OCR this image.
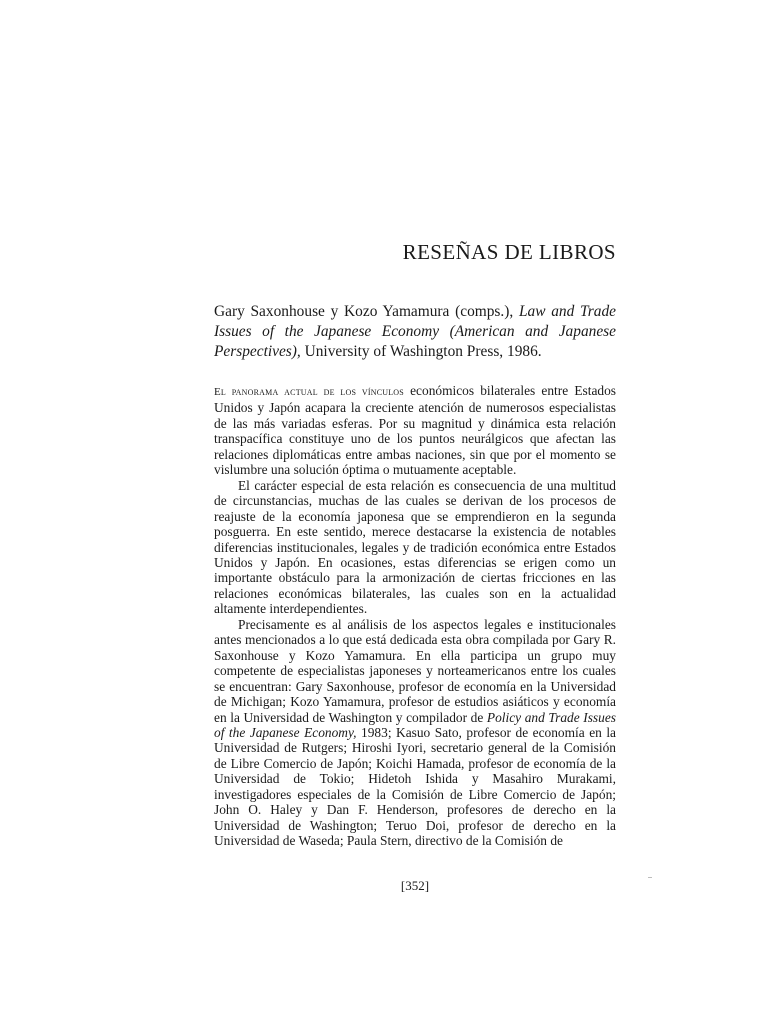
RESEÑAS DE LIBROS

Gary Saxonhouse y Kozo Yamamura (comps.), Law and Trade Issues of the Japanese Economy (American and Japanese Perspectives), University of Washington Press, 1986.

El panorama actual de los vínculos económicos bilaterales entre Estados Unidos y Japón acapara la creciente atención de numerosos especialistas de las más variadas esferas. Por su magnitud y dinámica esta relación transpacífica constituye uno de los puntos neurálgicos que afectan las relaciones diplomáticas entre ambas naciones, sin que por el momento se vislumbre una solución óptima o mutuamente aceptable.

El carácter especial de esta relación es consecuencia de una multitud de circunstancias, muchas de las cuales se derivan de los procesos de reajuste de la economía japonesa que se emprendieron en la segunda posguerra. En este sentido, merece destacarse la existencia de notables diferencias institucionales, legales y de tradición económica entre Estados Unidos y Japón. En ocasiones, estas diferencias se erigen como un importante obstáculo para la armonización de ciertas fricciones en las relaciones económicas bilaterales, las cuales son en la actualidad altamente interdependientes.

Precisamente es al análisis de los aspectos legales e institucionales antes mencionados a lo que está dedicada esta obra compilada por Gary R. Saxonhouse y Kozo Yamamura. En ella participa un grupo muy competente de especialistas japoneses y norteamericanos entre los cuales se encuentran: Gary Saxonhouse, profesor de economía en la Universidad de Michigan; Kozo Yamamura, profesor de estudios asiáticos y economía en la Universidad de Washington y compilador de Policy and Trade Issues of the Japanese Economy, 1983; Kasuo Sato, profesor de economía en la Universidad de Rutgers; Hiroshi Iyori, secretario general de la Comisión de Libre Comercio de Japón; Koichi Hamada, profesor de economía de la Universidad de Tokio; Hidetoh Ishida y Masahiro Murakami, investigadores especiales de la Comisión de Libre Comercio de Japón; John O. Haley y Dan F. Henderson, profesores de derecho en la Universidad de Washington; Teruo Doi, profesor de derecho en la Universidad de Waseda; Paula Stern, directivo de la Comisión de

[352]
